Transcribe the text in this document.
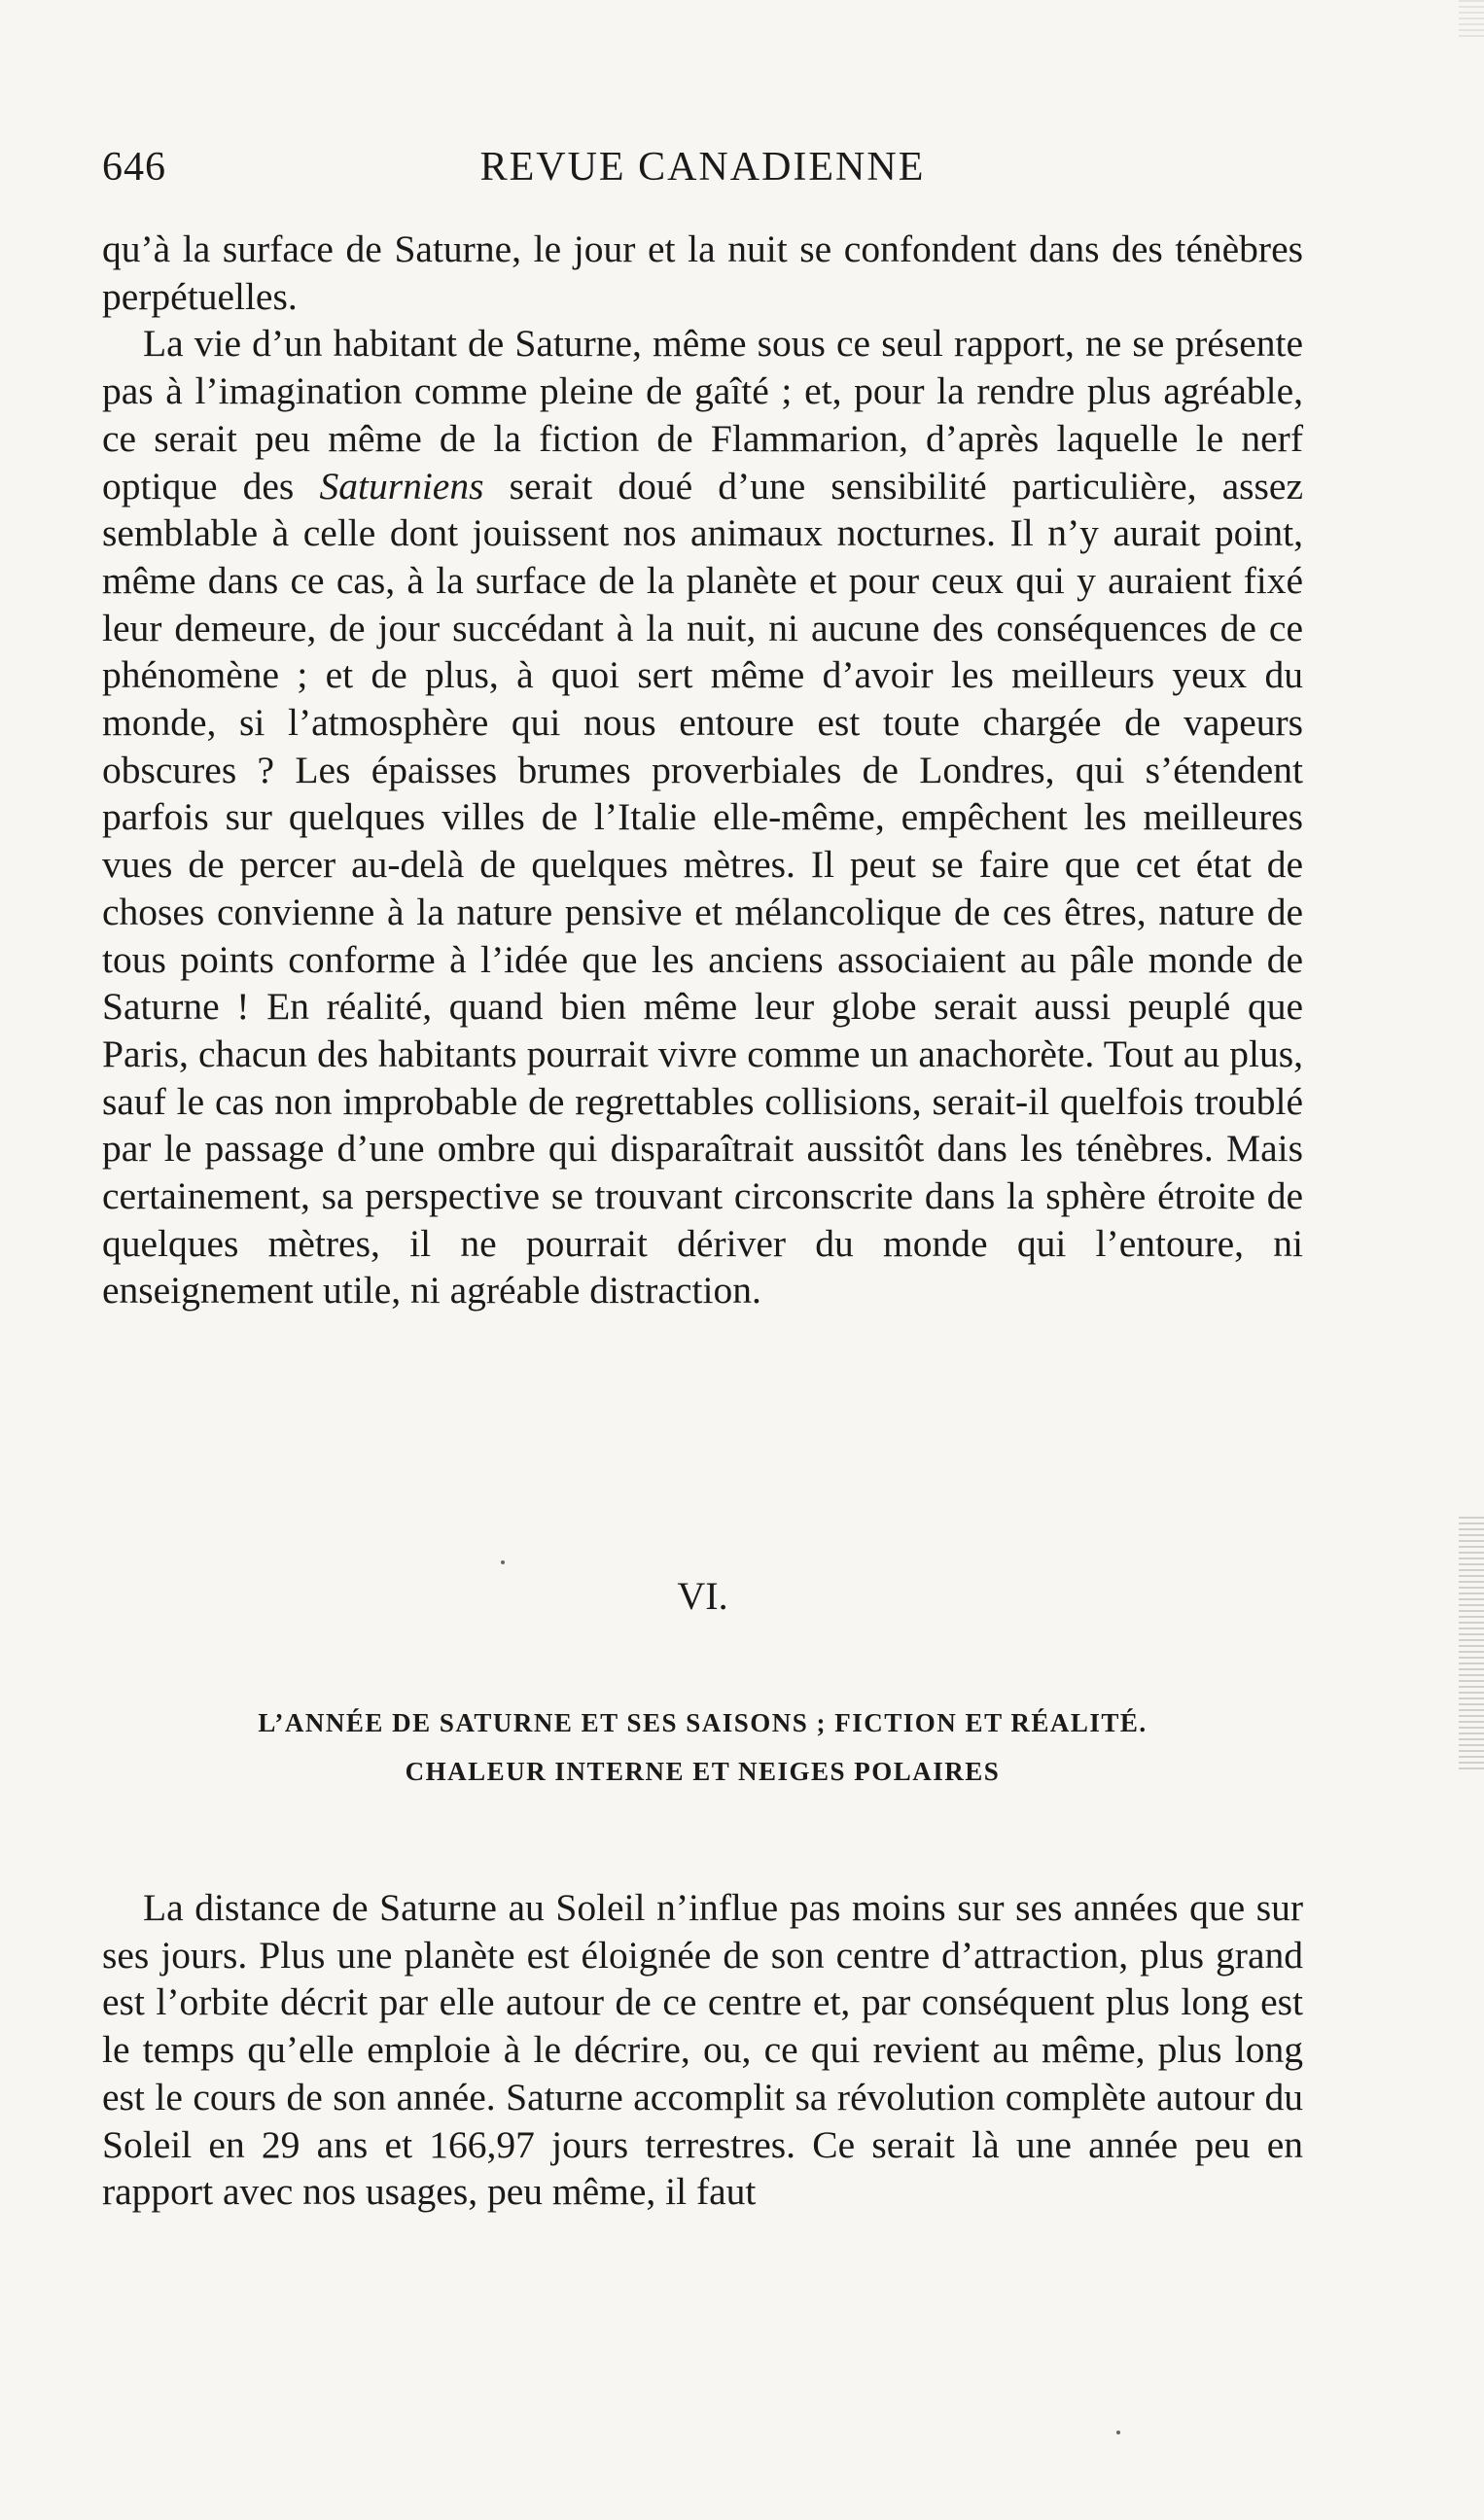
646	REVUE CANADIENNE

qu’à la surface de Saturne, le jour et la nuit se confondent dans des ténèbres perpétuelles.

La vie d’un habitant de Saturne, même sous ce seul rapport, ne se présente pas à l’imagination comme pleine de gaîté ; et, pour la rendre plus agréable, ce serait peu même de la fiction de Flammarion, d’après laquelle le nerf optique des Saturniens serait doué d’une sensibilité particulière, assez semblable à celle dont jouissent nos animaux nocturnes. Il n’y aurait point, même dans ce cas, à la surface de la planète et pour ceux qui y auraient fixé leur demeure, de jour succédant à la nuit, ni aucune des conséquences de ce phénomène ; et de plus, à quoi sert même d’avoir les meilleurs yeux du monde, si l’atmosphère qui nous entoure est toute chargée de vapeurs obscures ? Les épaisses brumes proverbiales de Londres, qui s’étendent parfois sur quelques villes de l’Italie elle-même, empêchent les meilleures vues de percer au-delà de quelques mètres. Il peut se faire que cet état de choses convienne à la nature pensive et mélancolique de ces êtres, nature de tous points conforme à l’idée que les anciens associaient au pâle monde de Saturne ! En réalité, quand bien même leur globe serait aussi peuplé que Paris, chacun des habitants pourrait vivre comme un anachorète. Tout au plus, sauf le cas non improbable de regrettables collisions, serait-il quelfois troublé par le passage d’une ombre qui disparaîtrait aussitôt dans les ténèbres. Mais certainement, sa perspective se trouvant circonscrite dans la sphère étroite de quelques mètres, il ne pourrait dériver du monde qui l’entoure, ni enseignement utile, ni agréable distraction.

VI.
L’ANNÉE DE SATURNE ET SES SAISONS ; FICTION ET RÉALITÉ.
CHALEUR INTERNE ET NEIGES POLAIRES

La distance de Saturne au Soleil n’influe pas moins sur ses années que sur ses jours. Plus une planète est éloignée de son centre d’attraction, plus grand est l’orbite décrit par elle autour de ce centre et, par conséquent plus long est le temps qu’elle emploie à le décrire, ou, ce qui revient au même, plus long est le cours de son année. Saturne accomplit sa révolution complète autour du Soleil en 29 ans et 166,97 jours terrestres. Ce serait là une année peu en rapport avec nos usages, peu même, il faut
